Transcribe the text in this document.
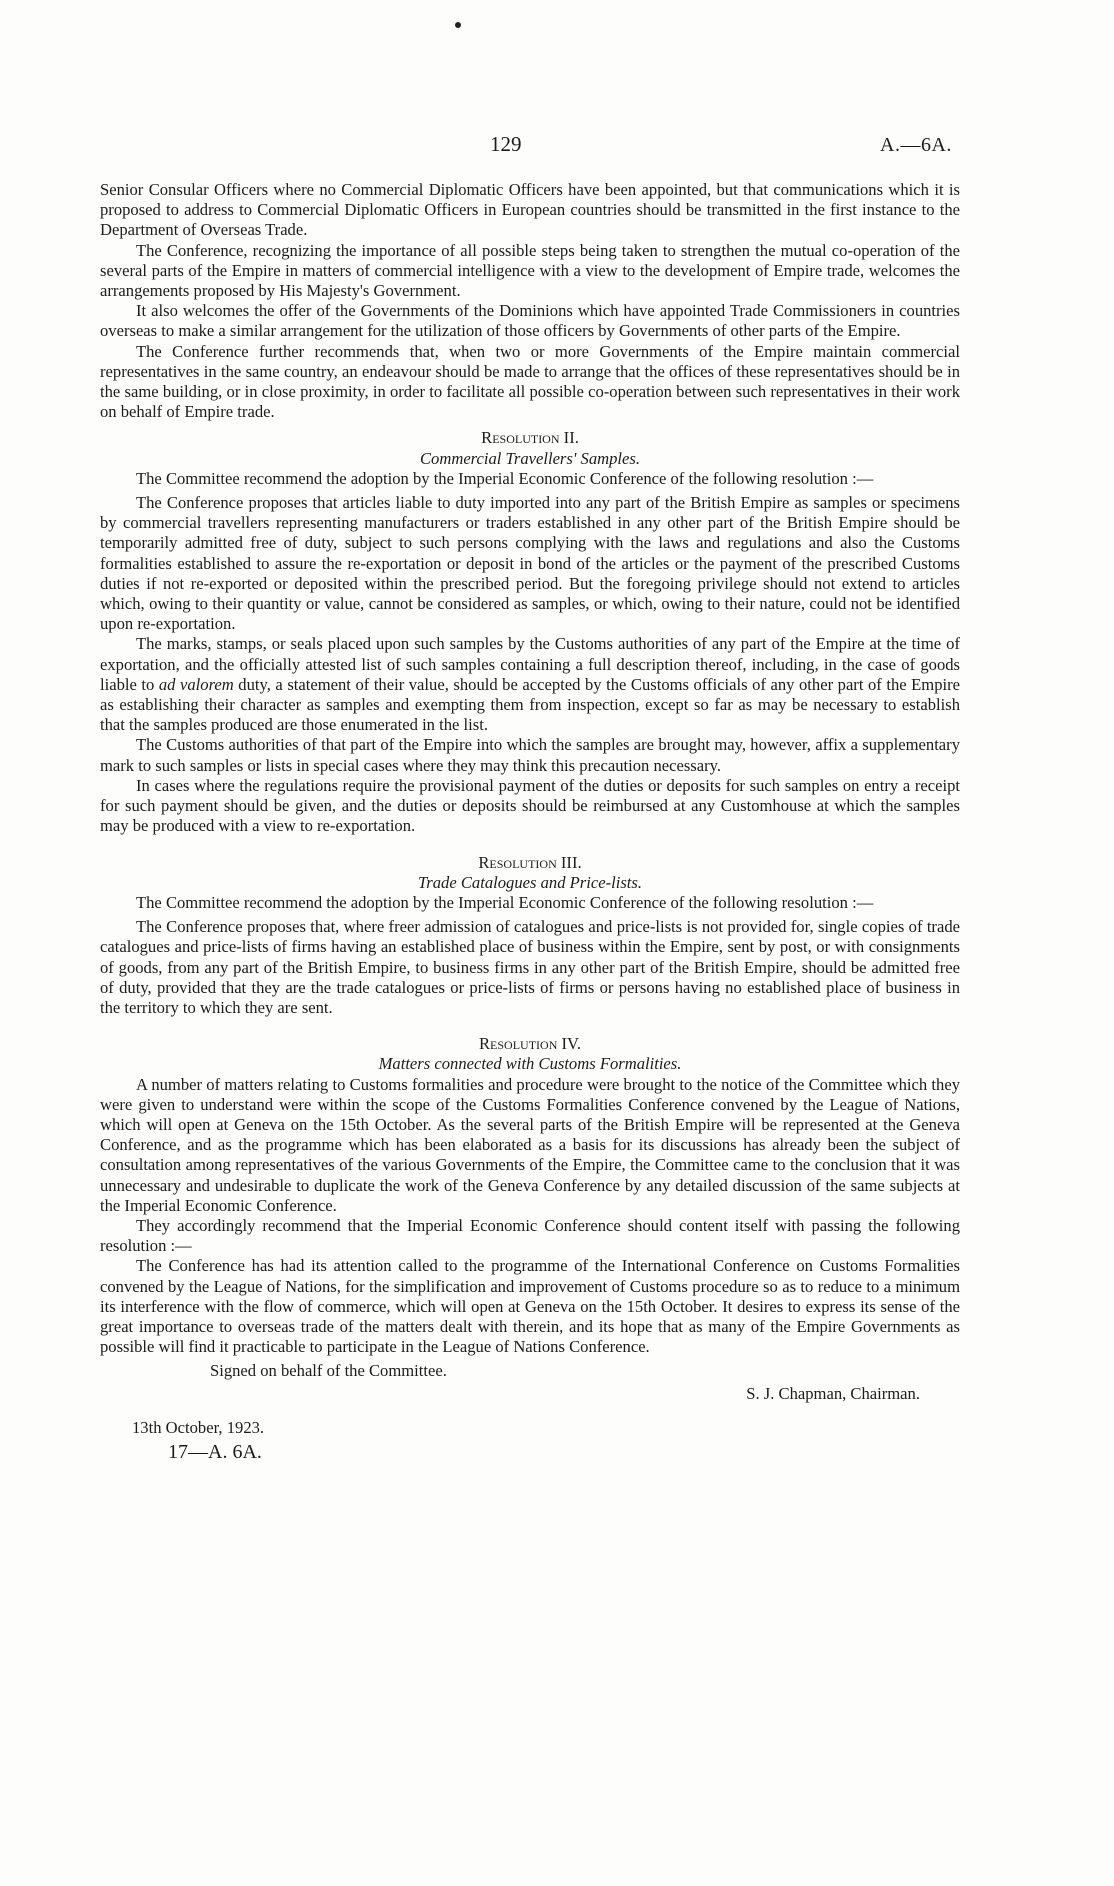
129	A.—6A.

Senior Consular Officers where no Commercial Diplomatic Officers have been appointed, but that communications which it is proposed to address to Commercial Diplomatic Officers in European countries should be transmitted in the first instance to the Department of Overseas Trade.

The Conference, recognizing the importance of all possible steps being taken to strengthen the mutual co-operation of the several parts of the Empire in matters of commercial intelligence with a view to the development of Empire trade, welcomes the arrangements proposed by His Majesty's Government.

It also welcomes the offer of the Governments of the Dominions which have appointed Trade Commissioners in countries overseas to make a similar arrangement for the utilization of those officers by Governments of other parts of the Empire.

The Conference further recommends that, when two or more Governments of the Empire maintain commercial representatives in the same country, an endeavour should be made to arrange that the offices of these representatives should be in the same building, or in close proximity, in order to facilitate all possible co-operation between such representatives in their work on behalf of Empire trade.

Resolution II.

Commercial Travellers' Samples.

The Committee recommend the adoption by the Imperial Economic Conference of the following resolution :—

The Conference proposes that articles liable to duty imported into any part of the British Empire as samples or specimens by commercial travellers representing manufacturers or traders established in any other part of the British Empire should be temporarily admitted free of duty, subject to such persons complying with the laws and regulations and also the Customs formalities established to assure the re-exportation or deposit in bond of the articles or the payment of the prescribed Customs duties if not re-exported or deposited within the prescribed period. But the foregoing privilege should not extend to articles which, owing to their quantity or value, cannot be considered as samples, or which, owing to their nature, could not be identified upon re-exportation.

The marks, stamps, or seals placed upon such samples by the Customs authorities of any part of the Empire at the time of exportation, and the officially attested list of such samples containing a full description thereof, including, in the case of goods liable to ad valorem duty, a statement of their value, should be accepted by the Customs officials of any other part of the Empire as establishing their character as samples and exempting them from inspection, except so far as may be necessary to establish that the samples produced are those enumerated in the list.

The Customs authorities of that part of the Empire into which the samples are brought may, however, affix a supplementary mark to such samples or lists in special cases where they may think this precaution necessary.

In cases where the regulations require the provisional payment of the duties or deposits for such samples on entry a receipt for such payment should be given, and the duties or deposits should be reimbursed at any Customhouse at which the samples may be produced with a view to re-exportation.

Resolution III.

Trade Catalogues and Price-lists.

The Committee recommend the adoption by the Imperial Economic Conference of the following resolution :—

The Conference proposes that, where freer admission of catalogues and price-lists is not provided for, single copies of trade catalogues and price-lists of firms having an established place of business within the Empire, sent by post, or with consignments of goods, from any part of the British Empire, to business firms in any other part of the British Empire, should be admitted free of duty, provided that they are the trade catalogues or price-lists of firms or persons having no established place of business in the territory to which they are sent.

Resolution IV.

Matters connected with Customs Formalities.

A number of matters relating to Customs formalities and procedure were brought to the notice of the Committee which they were given to understand were within the scope of the Customs Formalities Conference convened by the League of Nations, which will open at Geneva on the 15th October. As the several parts of the British Empire will be represented at the Geneva Conference, and as the programme which has been elaborated as a basis for its discussions has already been the subject of consultation among representatives of the various Governments of the Empire, the Committee came to the conclusion that it was unnecessary and undesirable to duplicate the work of the Geneva Conference by any detailed discussion of the same subjects at the Imperial Economic Conference.

They accordingly recommend that the Imperial Economic Conference should content itself with passing the following resolution :—

The Conference has had its attention called to the programme of the International Conference on Customs Formalities convened by the League of Nations, for the simplification and improvement of Customs procedure so as to reduce to a minimum its interference with the flow of commerce, which will open at Geneva on the 15th October. It desires to express its sense of the great importance to overseas trade of the matters dealt with therein, and its hope that as many of the Empire Governments as possible will find it practicable to participate in the League of Nations Conference.

Signed on behalf of the Committee.

S. J. Chapman, Chairman.

13th October, 1923.

17—A. 6A.
